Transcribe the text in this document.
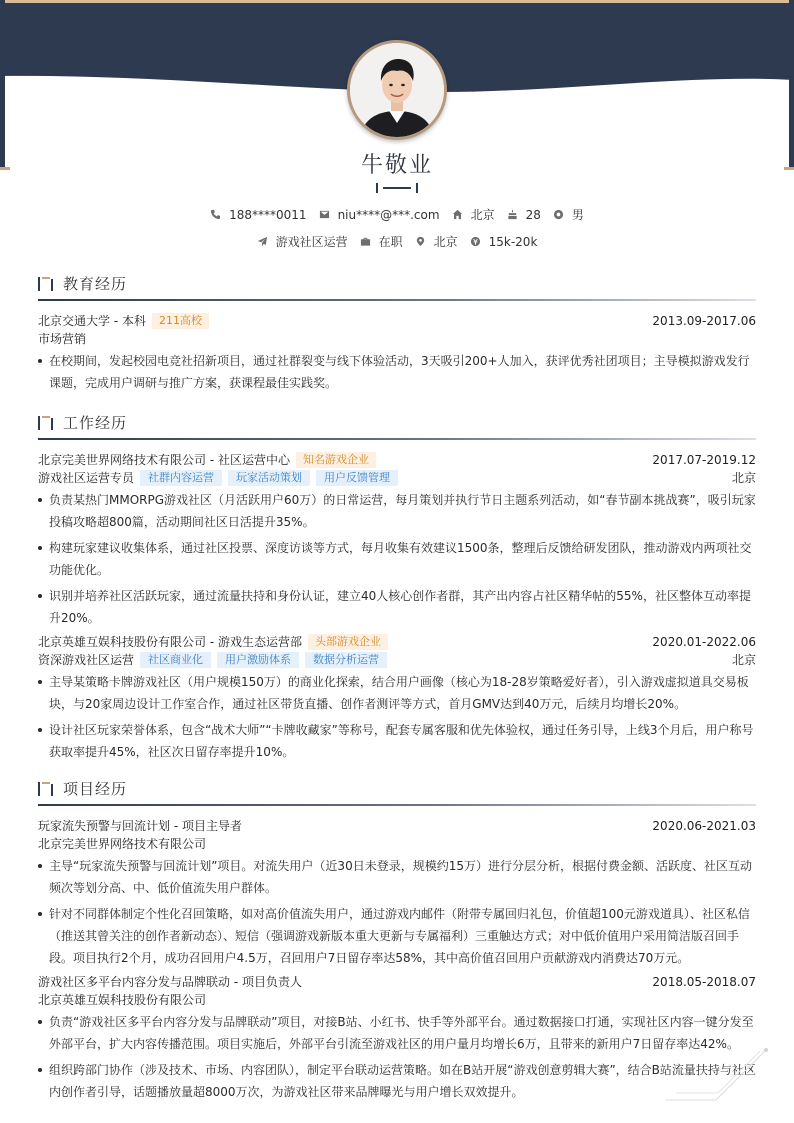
牛敬业
188****0011	niu****@***.com	北京	28	男
游戏社区运营	在职	北京	15k-20k
教育经历
北京交通大学 - 本科	211高校	2013.09-2017.06
市场营销
在校期间，发起校园电竞社招新项目，通过社群裂变与线下体验活动，3天吸引200+人加入，获评优秀社团项目；主导模拟游戏发行课题，完成用户调研与推广方案，获课程最佳实践奖。
工作经历
北京完美世界网络技术有限公司 - 社区运营中心	知名游戏企业	2017.07-2019.12
游戏社区运营专员	社群内容运营	玩家活动策划	用户反馈管理	北京
负责某热门MMORPG游戏社区（月活跃用户60万）的日常运营，每月策划并执行节日主题系列活动，如“春节副本挑战赛”，吸引玩家投稿攻略超800篇，活动期间社区日活提升35%。
构建玩家建议收集体系，通过社区投票、深度访谈等方式，每月收集有效建议1500条，整理后反馈给研发团队，推动游戏内两项社交功能优化。
识别并培养社区活跃玩家，通过流量扶持和身份认证，建立40人核心创作者群，其产出内容占社区精华帖的55%，社区整体互动率提升20%。
北京英雄互娱科技股份有限公司 - 游戏生态运营部	头部游戏企业	2020.01-2022.06
资深游戏社区运营	社区商业化	用户激励体系	数据分析运营	北京
主导某策略卡牌游戏社区（用户规模150万）的商业化探索，结合用户画像（核心为18-28岁策略爱好者），引入游戏虚拟道具交易板块，与20家周边设计工作室合作，通过社区带货直播、创作者测评等方式，首月GMV达到40万元，后续月均增长20%。
设计社区玩家荣誉体系，包含“战术大师”“卡牌收藏家”等称号，配套专属客服和优先体验权，通过任务引导，上线3个月后，用户称号获取率提升45%，社区次日留存率提升10%。
项目经历
玩家流失预警与回流计划 - 项目主导者	2020.06-2021.03
北京完美世界网络技术有限公司
主导“玩家流失预警与回流计划”项目。对流失用户（近30日未登录，规模约15万）进行分层分析，根据付费金额、活跃度、社区互动频次等划分高、中、低价值流失用户群体。
针对不同群体制定个性化召回策略，如对高价值流失用户，通过游戏内邮件（附带专属回归礼包，价值超100元游戏道具）、社区私信（推送其曾关注的创作者新动态）、短信（强调游戏新版本重大更新与专属福利）三重触达方式；对中低价值用户采用简洁版召回手段。项目执行2个月，成功召回用户4.5万，召回用户7日留存率达58%，其中高价值召回用户贡献游戏内消费达70万元。
游戏社区多平台内容分发与品牌联动 - 项目负责人	2018.05-2018.07
北京英雄互娱科技股份有限公司
负责“游戏社区多平台内容分发与品牌联动”项目，对接B站、小红书、快手等外部平台。通过数据接口打通，实现社区内容一键分发至外部平台，扩大内容传播范围。项目实施后，外部平台引流至游戏社区的用户量月均增长6万，且带来的新用户7日留存率达42%。
组织跨部门协作（涉及技术、市场、内容团队），制定平台联动运营策略。如在B站开展“游戏创意剪辑大赛”，结合B站流量扶持与社区内创作者引导，话题播放量超8000万次，为游戏社区带来品牌曝光与用户增长双效提升。
